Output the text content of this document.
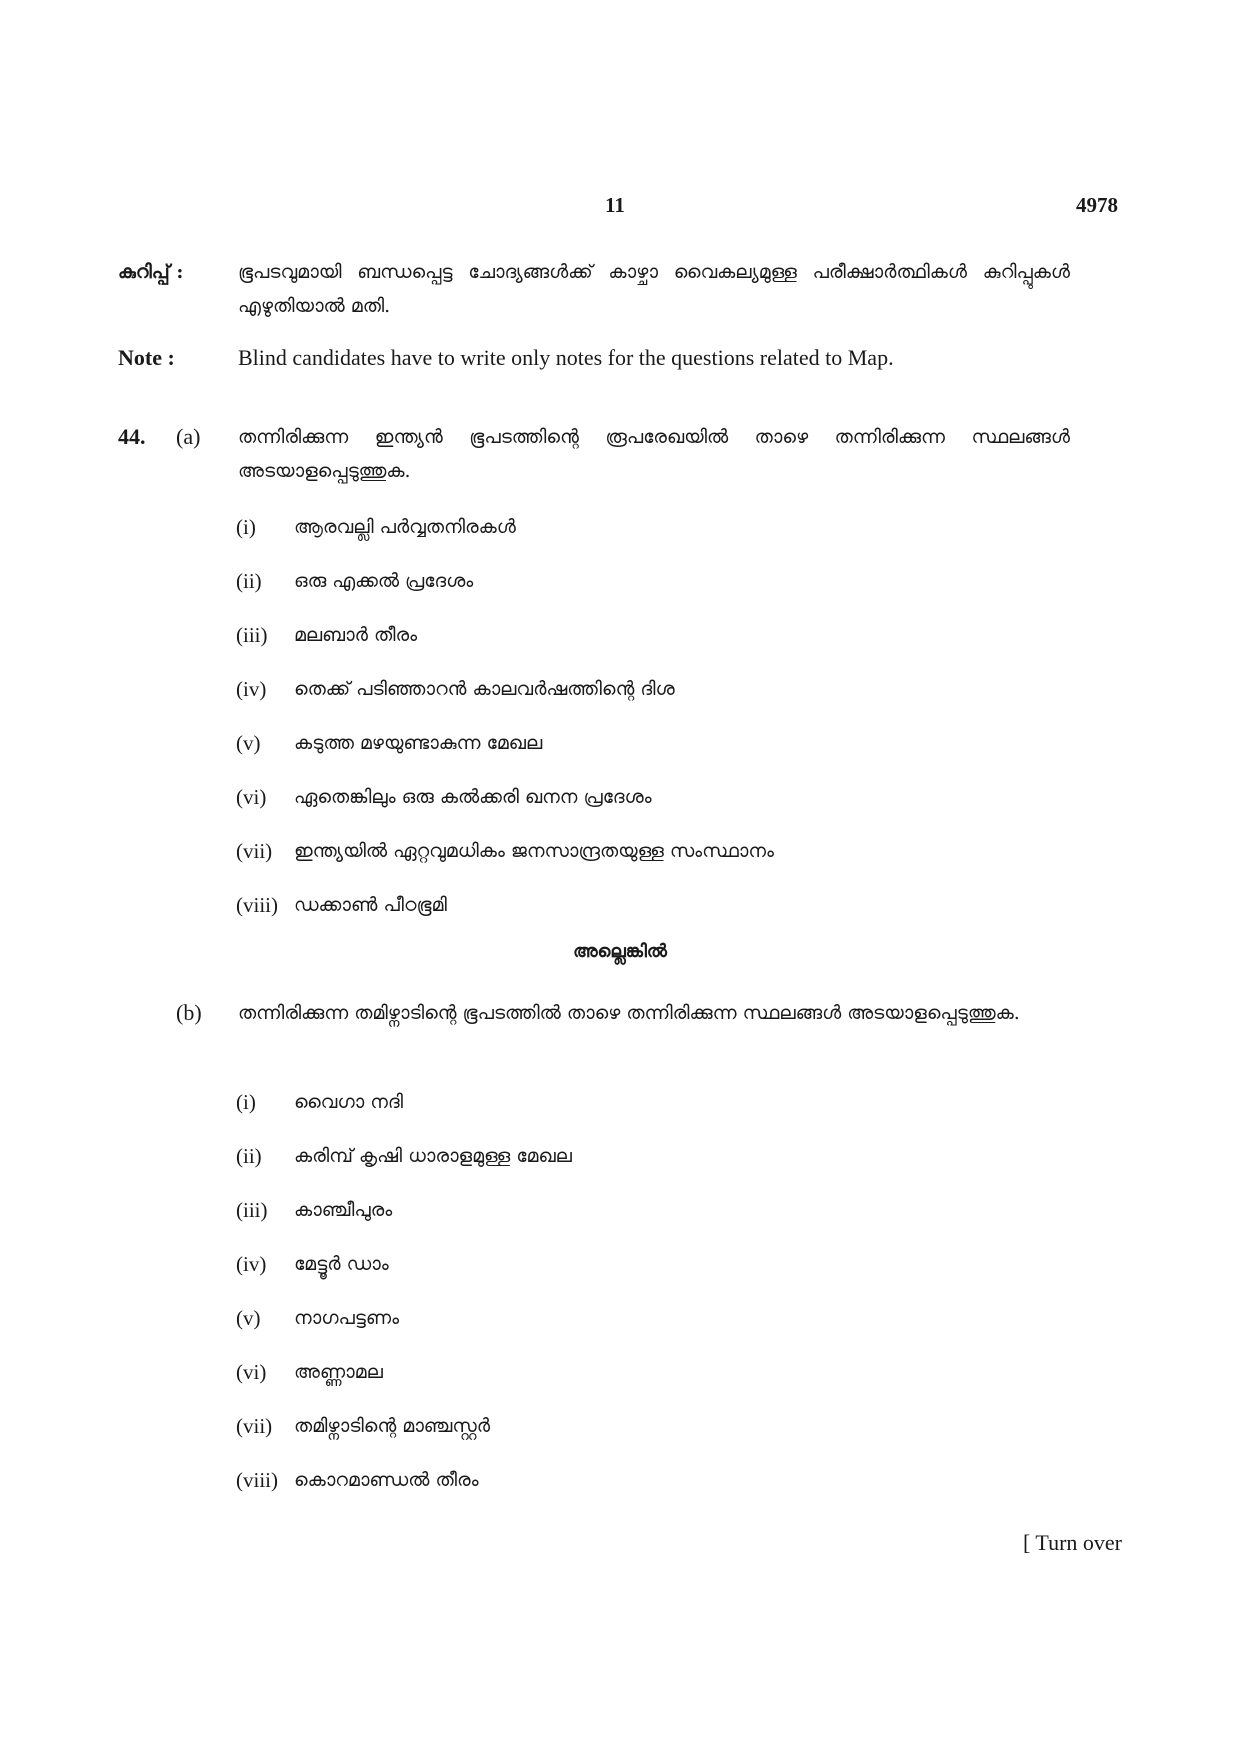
11	4978
കുറിപ്പ് :	ഭൂപടവുമായി ബന്ധപ്പെട്ട ചോദ്യങ്ങൾക്ക് കാഴ്ചാ വൈകല്യമുള്ള പരീക്ഷാർത്ഥികൾ കുറിപ്പുകൾ എഴുതിയാൽ മതി.
Note :	Blind candidates have to write only notes for the questions related to Map.
44.	(a)	തന്നിരിക്കുന്ന ഇന്ത്യൻ ഭൂപടത്തിന്റെ രൂപരേഖയിൽ താഴെ തന്നിരിക്കുന്ന സ്ഥലങ്ങൾ അടയാളപ്പെടുത്തുക.
(i)	ആരവല്ലി പർവ്വതനിരകൾ
(ii)	ഒരു എക്കൽ പ്രദേശം
(iii)	മലബാർ തീരം
(iv)	തെക്ക് പടിഞ്ഞാറൻ കാലവർഷത്തിന്റെ ദിശ
(v)	കടുത്ത മഴയുണ്ടാകുന്ന മേഖല
(vi)	ഏതെങ്കിലും ഒരു കൽക്കരി ഖനന പ്രദേശം
(vii)	ഇന്ത്യയിൽ ഏറ്റവുമധികം ജനസാന്ദ്രതയുള്ള സംസ്ഥാനം
(viii) ഡക്കാൺ പീഠഭൂമി
അല്ലെങ്കിൽ
(b)	തന്നിരിക്കുന്ന തമിഴ്നാടിന്റെ ഭൂപടത്തിൽ താഴെ തന്നിരിക്കുന്ന സ്ഥലങ്ങൾ അടയാളപ്പെടുത്തുക.
(i)	വൈഗാ നദി
(ii)	കരിമ്പ് കൃഷി ധാരാളമുള്ള മേഖല
(iii)	കാഞ്ചീപുരം
(iv)	മേട്ടൂർ ഡാം
(v)	നാഗപട്ടണം
(vi)	അണ്ണാമല
(vii)	തമിഴ്നാടിന്റെ മാഞ്ചസ്റ്റർ
(viii) കൊറമാണ്ഡൽ തീരം
[ Turn over
